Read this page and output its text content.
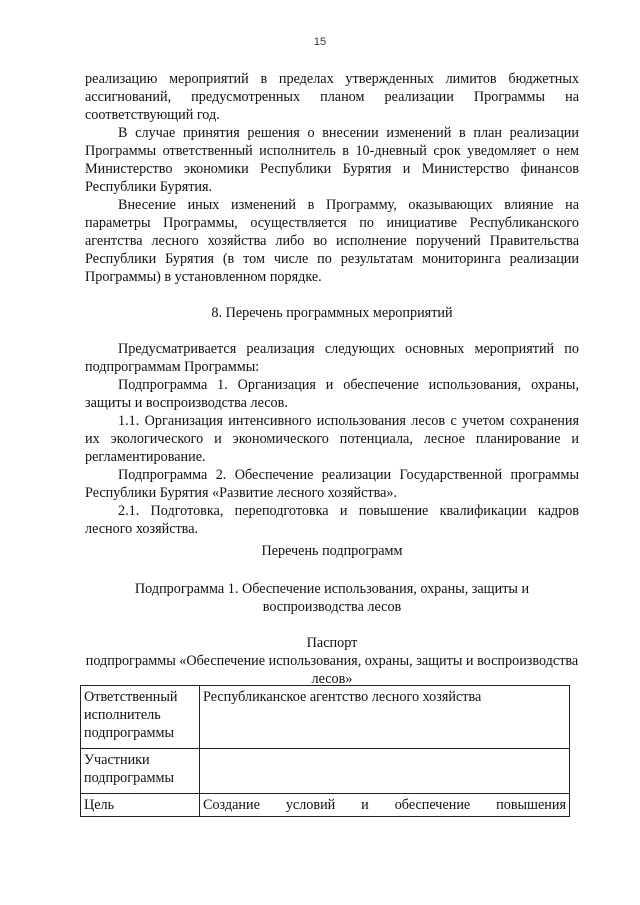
15

реализацию мероприятий в пределах утвержденных лимитов бюджетных ассигнований, предусмотренных планом реализации Программы на соответствующий год.

В случае принятия решения о внесении изменений в план реализации Программы ответственный исполнитель в 10-дневный срок уведомляет о нем Министерство экономики Республики Бурятия и Министерство финансов Республики Бурятия.

Внесение иных изменений в Программу, оказывающих влияние на параметры Программы, осуществляется по инициативе Республиканского агентства лесного хозяйства либо во исполнение поручений Правительства Республики Бурятия (в том числе по результатам мониторинга реализации Программы) в установленном порядке.

8. Перечень программных мероприятий

Предусматривается реализация следующих основных мероприятий по подпрограммам Программы:

Подпрограмма 1. Организация и обеспечение использования, охраны, защиты и воспроизводства лесов.

1.1. Организация интенсивного использования лесов с учетом сохранения их экологического и экономического потенциала, лесное планирование и регламентирование.

Подпрограмма 2. Обеспечение реализации Государственной программы Республики Бурятия «Развитие лесного хозяйства».

2.1. Подготовка, переподготовка и повышение квалификации кадров лесного хозяйства.

Перечень подпрограмм
Подпрограмма 1. Обеспечение использования, охраны, защиты и воспроизводства лесов
Паспорт
подпрограммы «Обеспечение использования, охраны, защиты и воспроизводства лесов»
Ответственный исполнитель подпрограммы	Республиканское агентство лесного хозяйства
Участники подпрограммы	
Цель	Создание условий и обеспечение повышения
